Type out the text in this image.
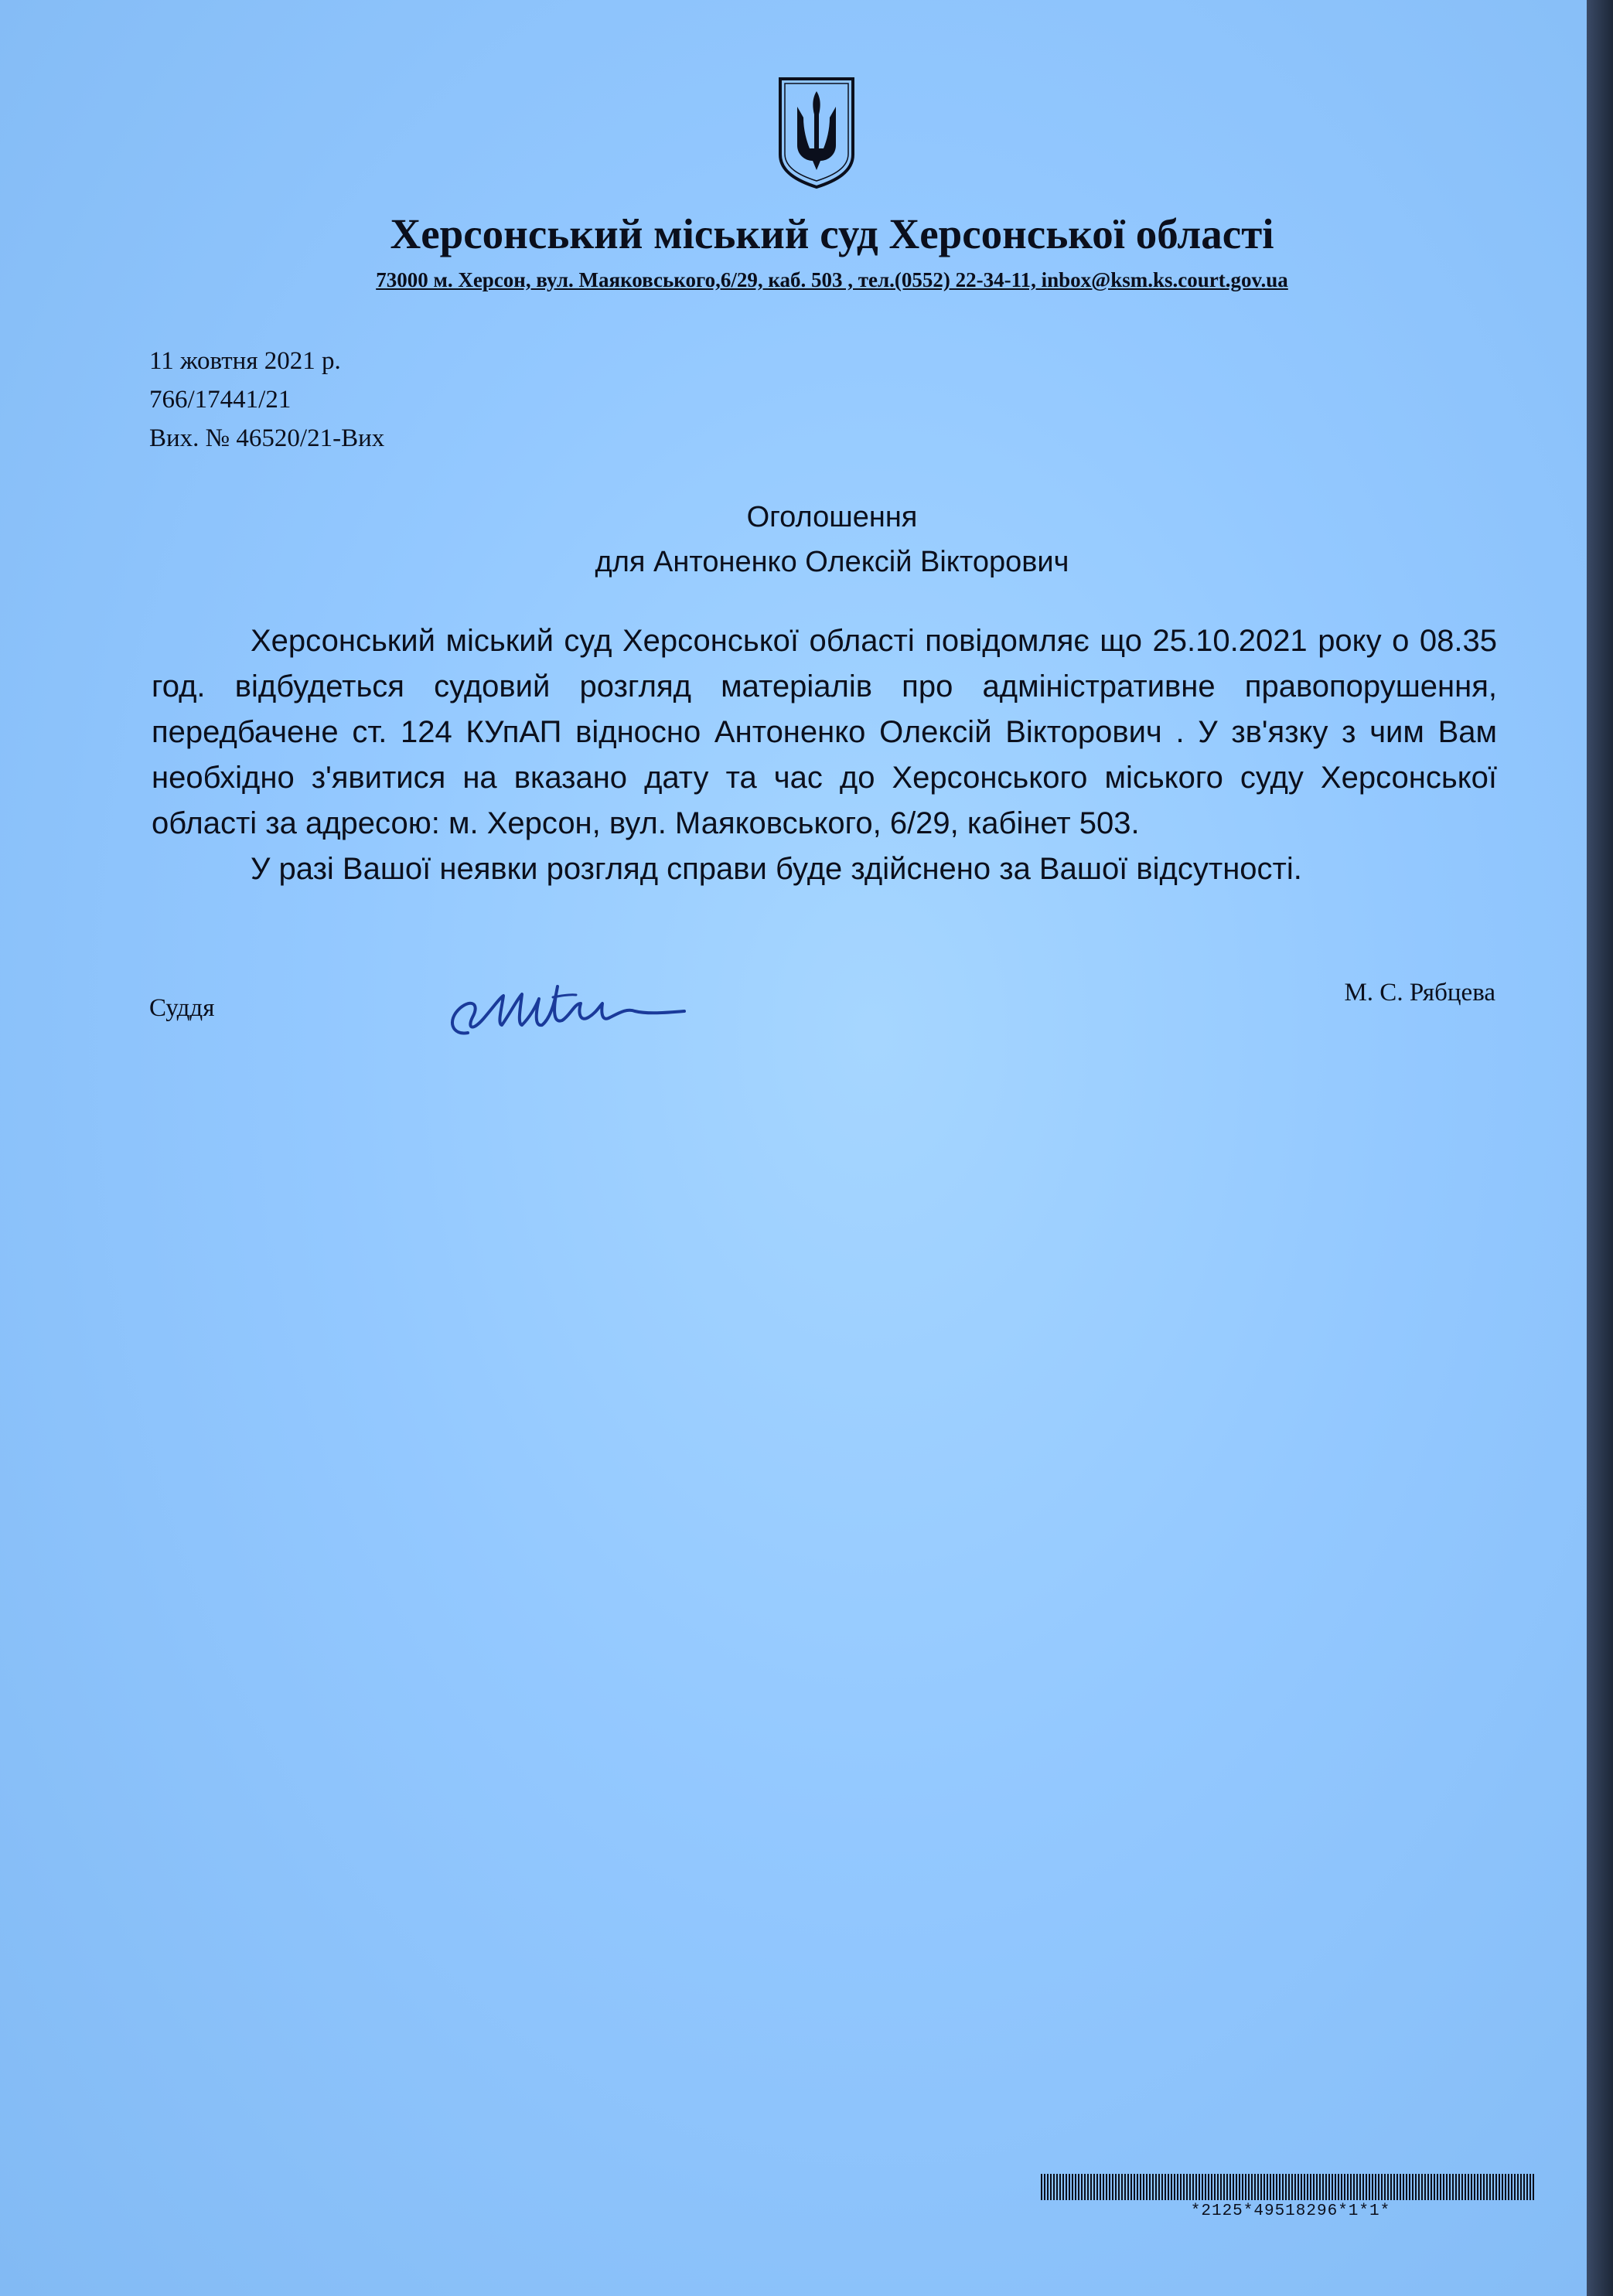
Херсонський міський суд Херсонської області
73000 м. Херсон, вул. Маяковського,6/29, каб. 503 , тел.(0552) 22-34-11, inbox@ksm.ks.court.gov.ua
11 жовтня 2021 р.
766/17441/21
Вих. № 46520/21-Вих
Оголошення
для Антоненко Олексій Вікторович

Херсонський міський суд Херсонської області повідомляє що 25.10.2021 року о 08.35 год. відбудеться судовий розгляд матеріалів про адміністративне правопорушення, передбачене ст. 124 КУпАП відносно Антоненко Олексій Вікторович . У зв'язку з чим Вам необхідно з'явитися на вказано дату та час до Херсонського міського суду Херсонської області за адресою: м. Херсон, вул. Маяковського, 6/29, кабінет 503.

У разі Вашої неявки розгляд справи буде здійснено за Вашої відсутності.

Суддя
М. С. Рябцева
*2125*49518296*1*1*
